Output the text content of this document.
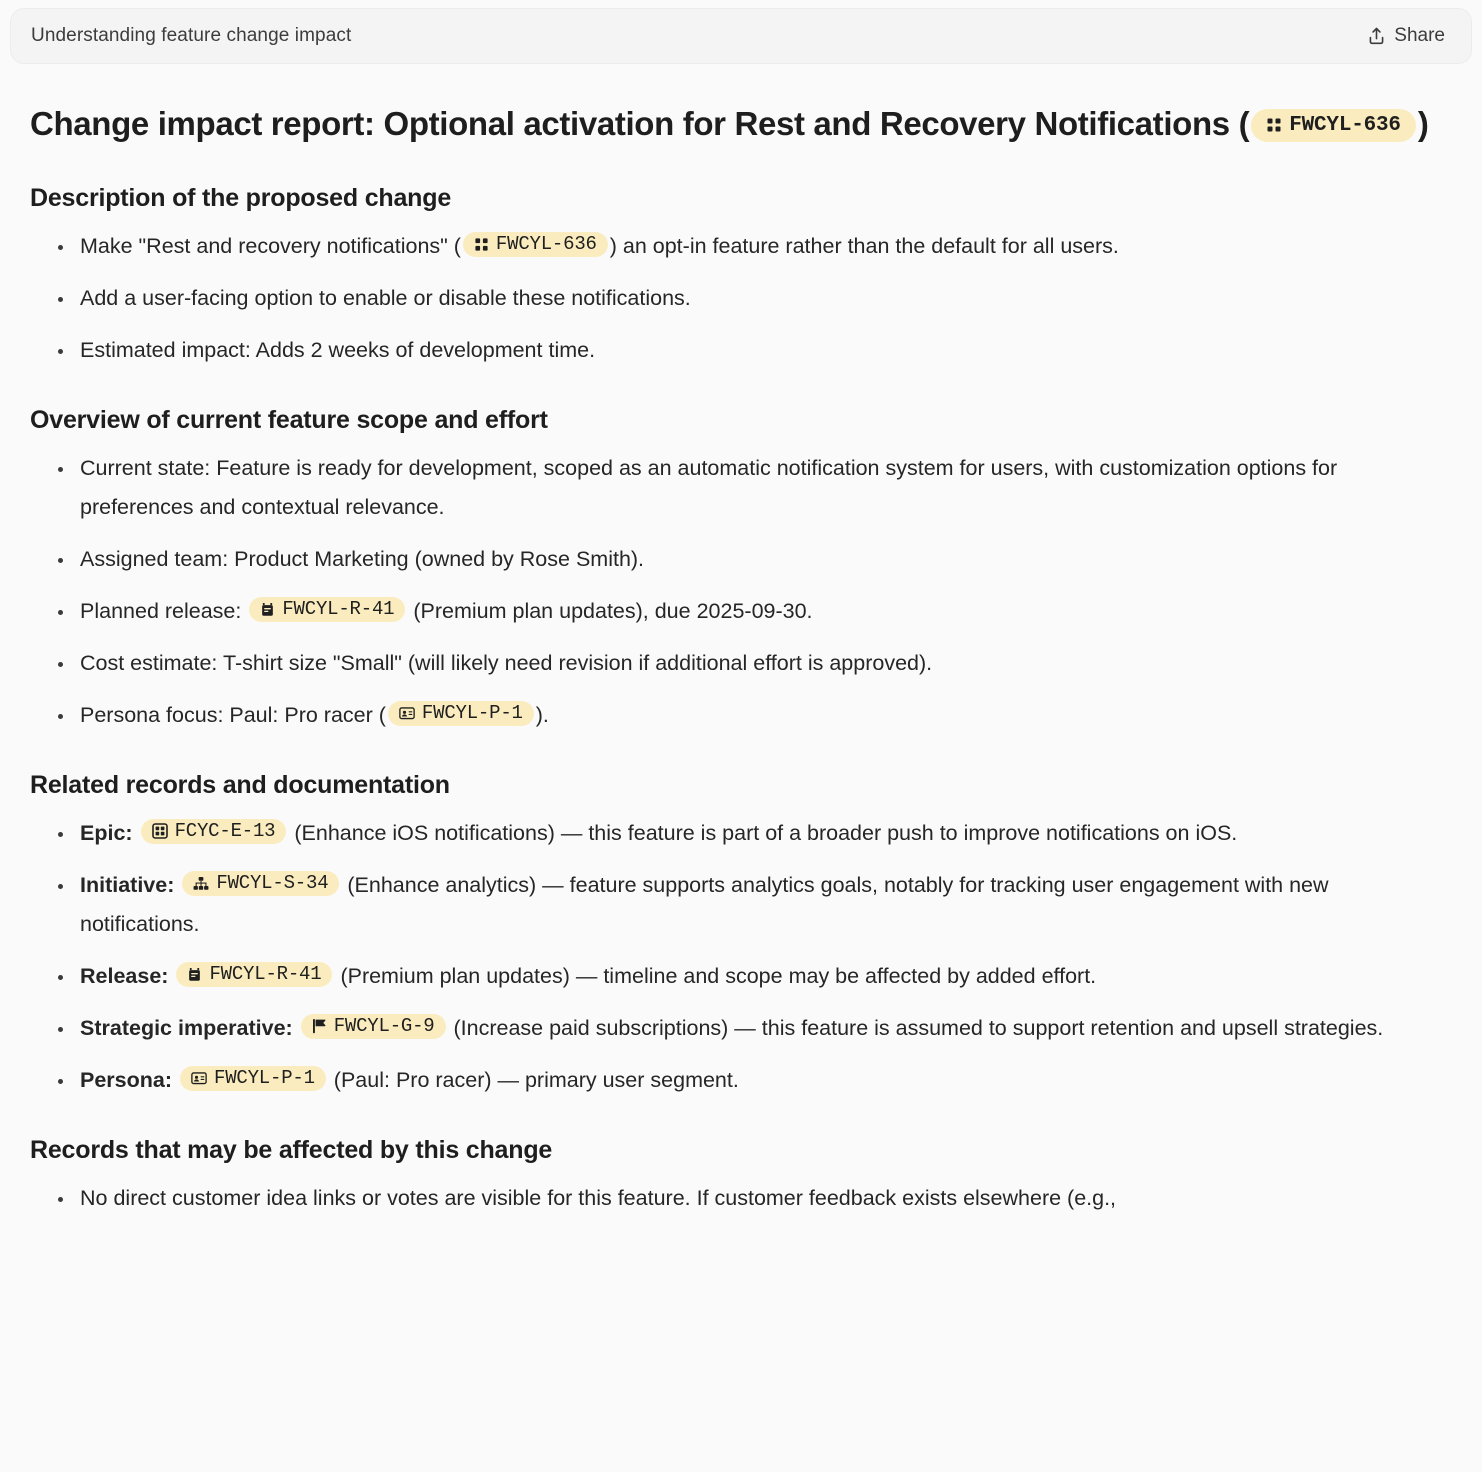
Understanding feature change impact	Share
Change impact report: Optional activation for Rest and Recovery Notifications ( FWCYL-636 )
Description of the proposed change
Make "Rest and recovery notifications" ( FWCYL-636 ) an opt-in feature rather than the default for all users.
Add a user-facing option to enable or disable these notifications.
Estimated impact: Adds 2 weeks of development time.
Overview of current feature scope and effort
Current state: Feature is ready for development, scoped as an automatic notification system for users, with customization options for preferences and contextual relevance.
Assigned team: Product Marketing (owned by Rose Smith).
Planned release: FWCYL-R-41 (Premium plan updates), due 2025-09-30.
Cost estimate: T-shirt size "Small" (will likely need revision if additional effort is approved).
Persona focus: Paul: Pro racer ( FWCYL-P-1 ).
Related records and documentation
Epic: FCYC-E-13 (Enhance iOS notifications) — this feature is part of a broader push to improve notifications on iOS.
Initiative: FWCYL-S-34 (Enhance analytics) — feature supports analytics goals, notably for tracking user engagement with new notifications.
Release: FWCYL-R-41 (Premium plan updates) — timeline and scope may be affected by added effort.
Strategic imperative: FWCYL-G-9 (Increase paid subscriptions) — this feature is assumed to support retention and upsell strategies.
Persona: FWCYL-P-1 (Paul: Pro racer) — primary user segment.
Records that may be affected by this change
No direct customer idea links or votes are visible for this feature. If customer feedback exists elsewhere (e.g.,
